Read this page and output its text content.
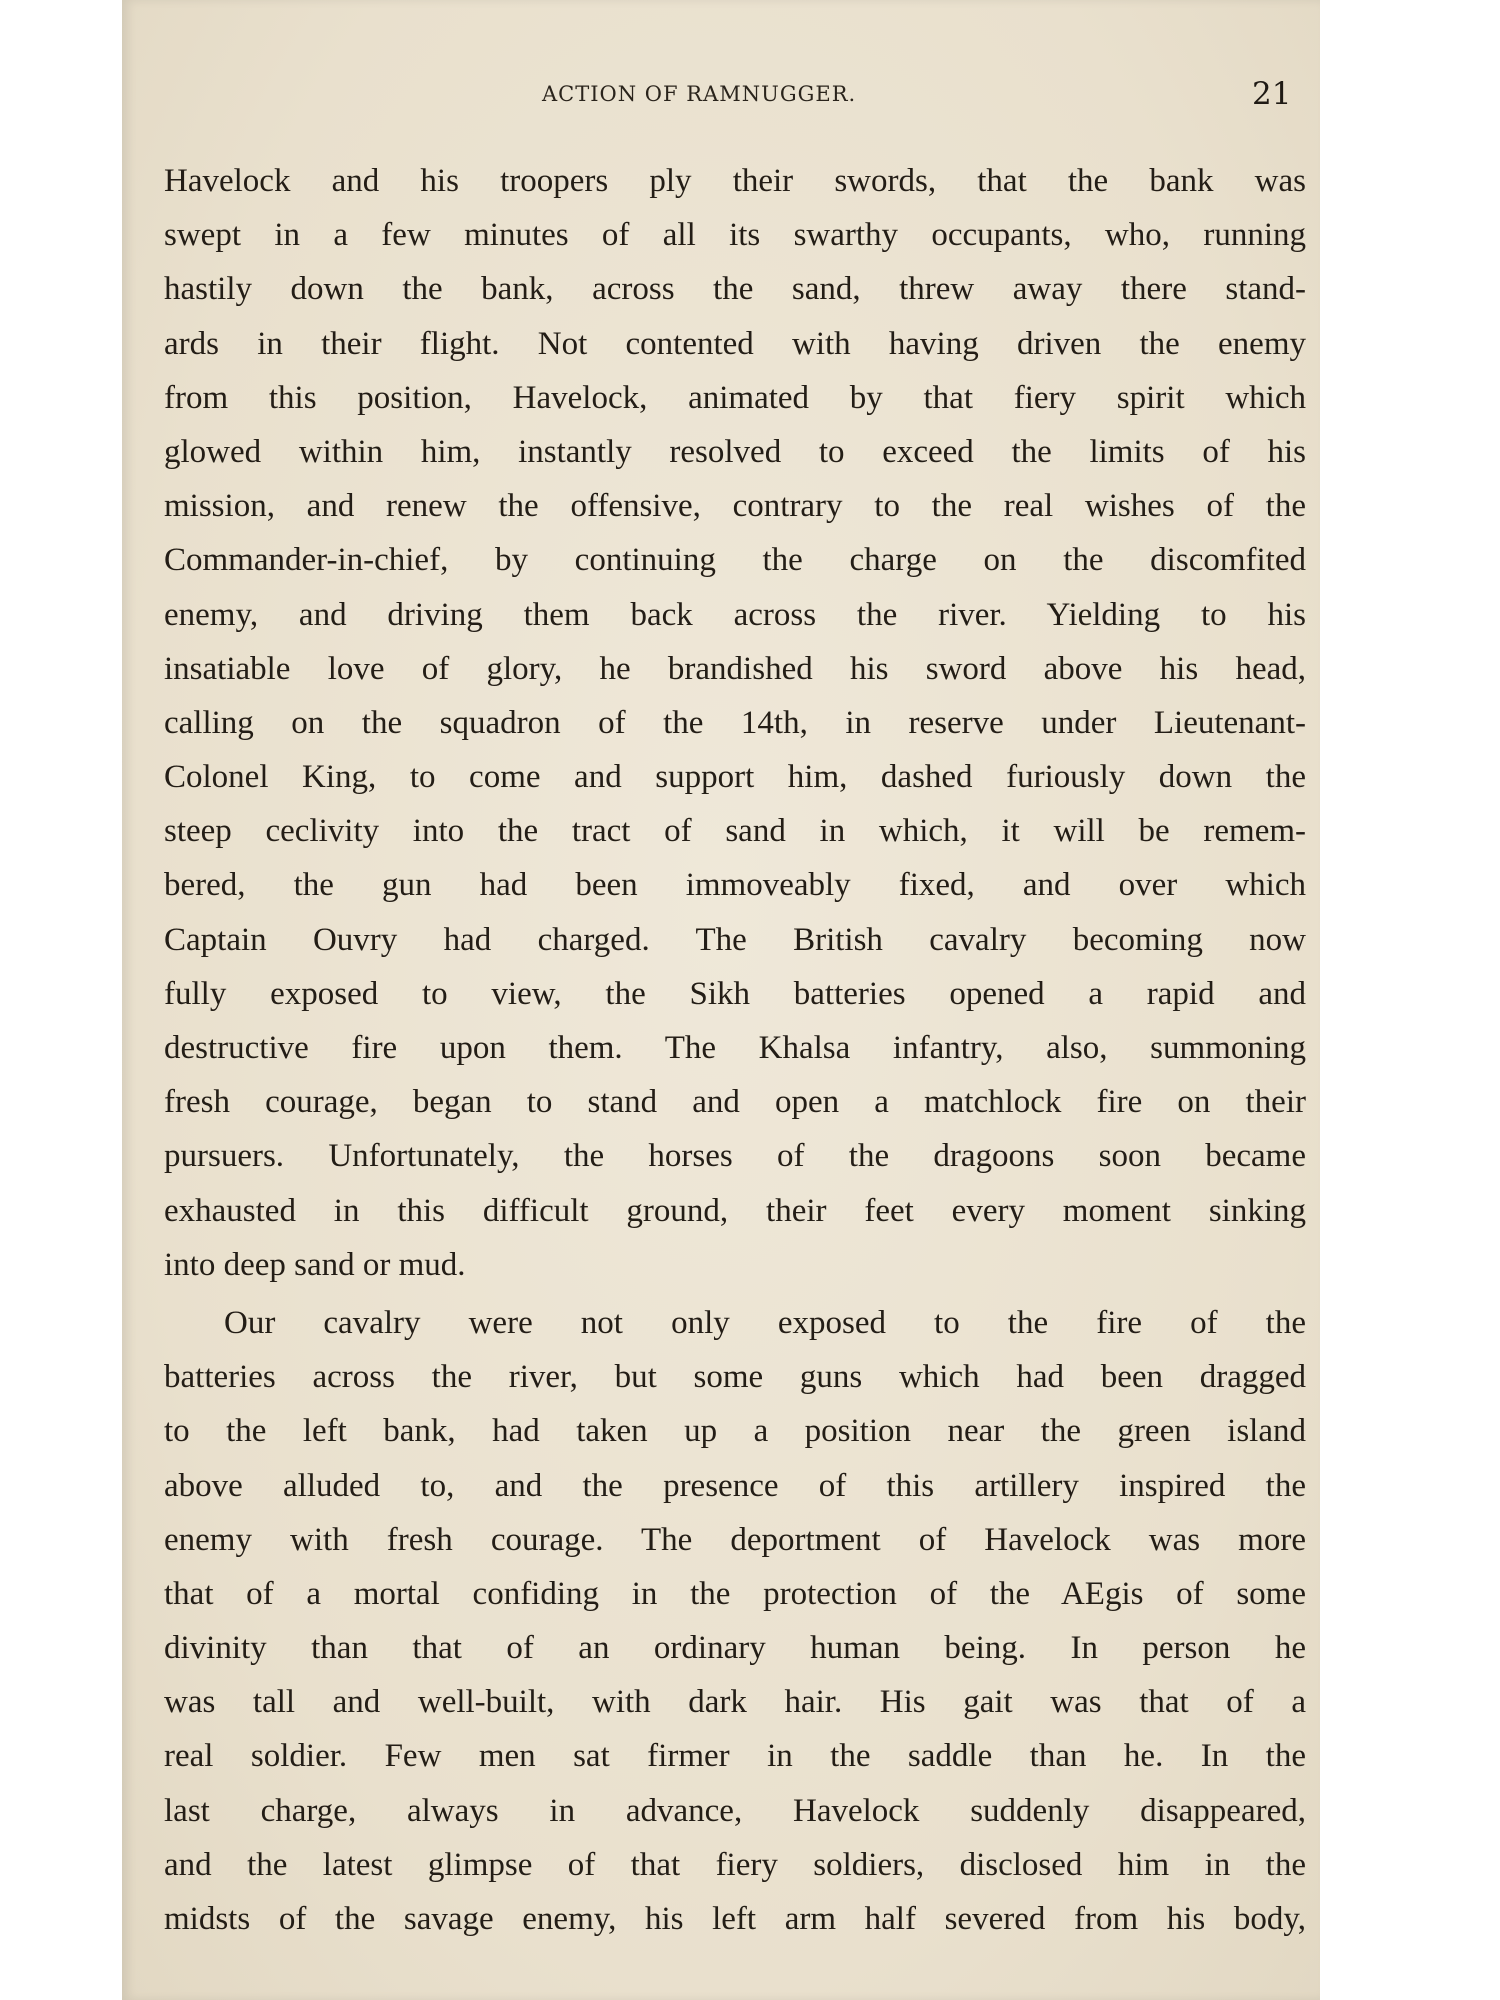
ACTION OF RAMNUGGER.	21
Havelock and his troopers ply their swords, that the bank was
swept in a few minutes of all its swarthy occupants, who, running
hastily down the bank, across the sand, threw away there stand-
ards in their flight. Not contented with having driven the enemy
from this position, Havelock, animated by that fiery spirit which
glowed within him, instantly resolved to exceed the limits of his
mission, and renew the offensive, contrary to the real wishes of the
Commander-in-chief, by continuing the charge on the discomfited
enemy, and driving them back across the river. Yielding to his
insatiable love of glory, he brandished his sword above his head,
calling on the squadron of the 14th, in reserve under Lieutenant-
Colonel King, to come and support him, dashed furiously down the
steep ceclivity into the tract of sand in which, it will be remem-
bered, the gun had been immoveably fixed, and over which
Captain Ouvry had charged. The British cavalry becoming now
fully exposed to view, the Sikh batteries opened a rapid and
destructive fire upon them. The Khalsa infantry, also, summoning
fresh courage, began to stand and open a matchlock fire on their
pursuers. Unfortunately, the horses of the dragoons soon became
exhausted in this difficult ground, their feet every moment sinking
into deep sand or mud.
Our cavalry were not only exposed to the fire of the
batteries across the river, but some guns which had been dragged
to the left bank, had taken up a position near the green island
above alluded to, and the presence of this artillery inspired the
enemy with fresh courage. The deportment of Havelock was more
that of a mortal confiding in the protection of the AEgis of some
divinity than that of an ordinary human being. In person he
was tall and well-built, with dark hair. His gait was that of a
real soldier. Few men sat firmer in the saddle than he. In the
last charge, always in advance, Havelock suddenly disappeared,
and the latest glimpse of that fiery soldiers, disclosed him in the
midsts of the savage enemy, his left arm half severed from his body,
